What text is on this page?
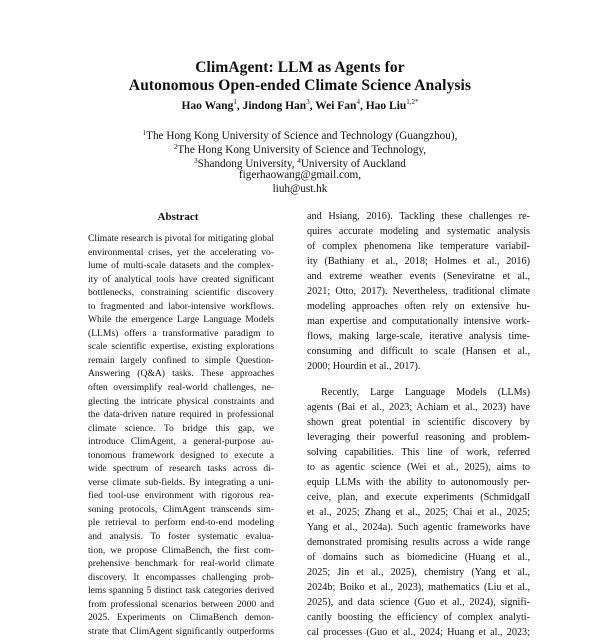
ClimAgent: LLM as Agents for
Autonomous Open-ended Climate Science Analysis
Hao Wang$^1$, Jindong Han$^3$, Wei Fan$^4$, Hao Liu$^{1,2*}$
$^1$The Hong Kong University of Science and Technology (Guangzhou),
$^2$The Hong Kong University of Science and Technology,
$^3$Shandong University, $^4$University of Auckland
figerhaowang@gmail.com,
liuh@ust.hk
Abstract
Climate research is pivotal for mitigating global
environmental crises, yet the accelerating vo-
lume of multi-scale datasets and the complex-
ity of analytical tools have created significant
bottlenecks, constraining scientific discovery
to fragmented and labor-intensive workflows.
While the emergence Large Language Models
(LLMs) offers a transformative paradigm to
scale scientific expertise, existing explorations
remain largely confined to simple Question-
Answering (Q&A) tasks. These approaches
often oversimplify real-world challenges, ne-
glecting the intricate physical constraints and
the data-driven nature required in professional
climate science. To bridge this gap, we
introduce ClimAgent, a general-purpose au-
tonomous framework designed to execute a
wide spectrum of research tasks across di-
verse climate sub-fields. By integrating a uni-
fied tool-use environment with rigorous rea-
soning protocols, ClimAgent transcends sim-
ple retrieval to perform end-to-end modeling
and analysis. To foster systematic evalua-
tion, we propose ClimaBench, the first com-
prehensive benchmark for real-world climate
discovery. It encompasses challenging prob-
lems spanning 5 distinct task categories derived
from professional scenarios between 2000 and
2025. Experiments on ClimaBench demon-
strate that ClimAgent significantly outperforms
and Hsiang, 2016). Tackling these challenges re-
quires accurate modeling and systematic analysis
of complex phenomena like temperature variabil-
ity (Bathiany et al., 2018; Holmes et al., 2016)
and extreme weather events (Seneviratne et al.,
2021; Otto, 2017). Nevertheless, traditional climate
modeling approaches often rely on extensive hu-
man expertise and computationally intensive work-
flows, making large-scale, iterative analysis time-
consuming and difficult to scale (Hansen et al.,
2000; Hourdin et al., 2017).
Recently, Large Language Models (LLMs)
agents (Bai et al., 2023; Achiam et al., 2023) have
shown great potential in scientific discovery by
leveraging their powerful reasoning and problem-
solving capabilities. This line of work, referred
to as agentic science (Wei et al., 2025), aims to
equip LLMs with the ability to autonomously per-
ceive, plan, and execute experiments (Schmidgall
et al., 2025; Zhang et al., 2025; Chai et al., 2025;
Yang et al., 2024a). Such agentic frameworks have
demonstrated promising results across a wide range
of domains such as biomedicine (Huang et al.,
2025; Jin et al., 2025), chemistry (Yang et al.,
2024b; Boiko et al., 2023), mathematics (Liu et al.,
2025), and data science (Guo et al., 2024), signifi-
cantly boosting the efficiency of complex analyti-
cal processes (Guo et al., 2024; Huang et al., 2023;
